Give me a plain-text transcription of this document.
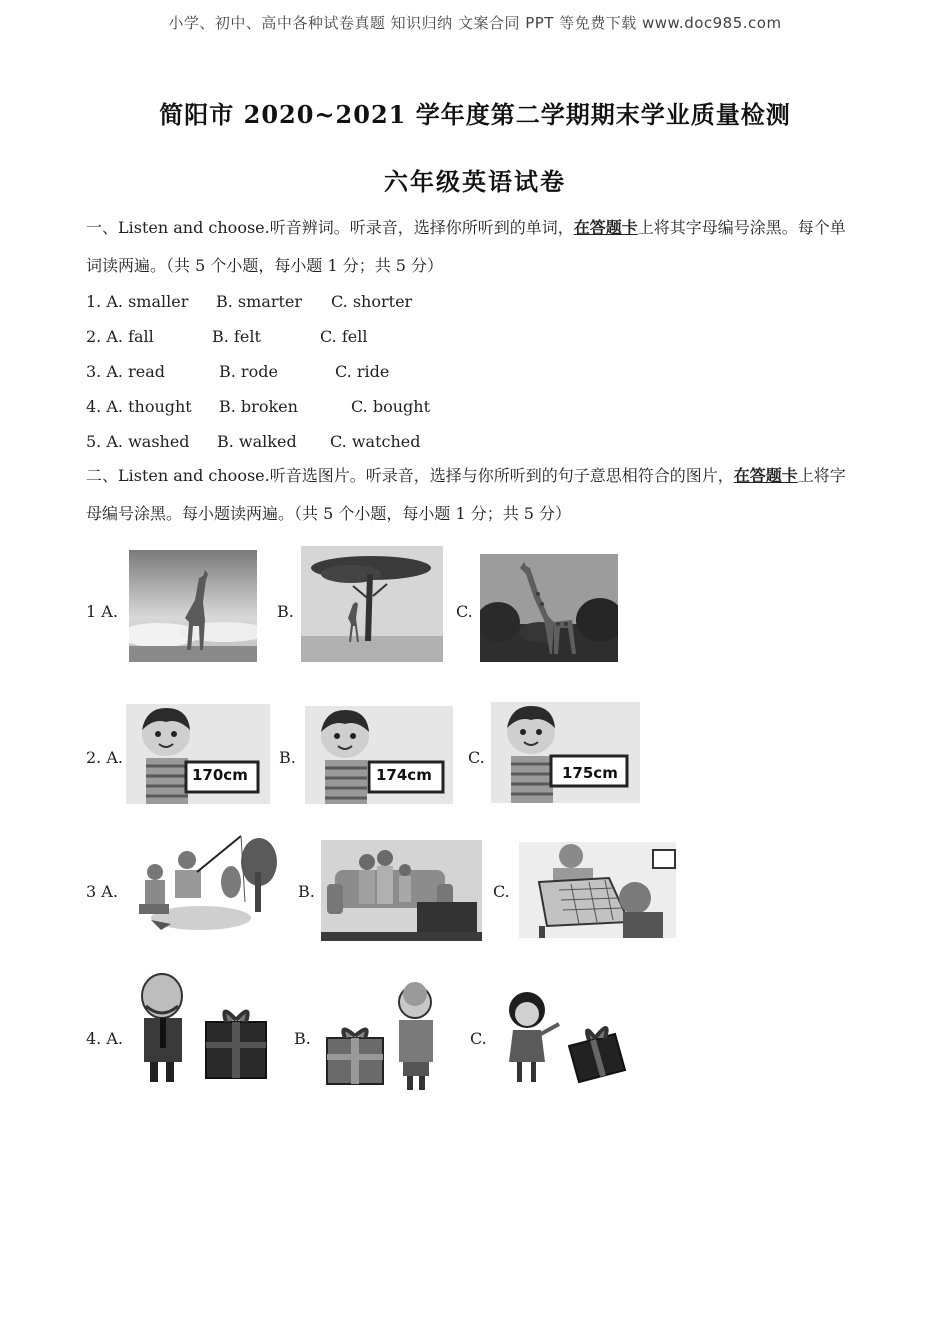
小学、初中、高中各种试卷真题 知识归纳 文案合同 PPT 等免费下载 www.doc985.com
简阳市 2020~2021 学年度第二学期期末学业质量检测
六年级英语试卷
一、Listen and choose.听音辨词。听录音，选择你所听到的单词，在答题卡上将其字母编号涂黑。每个单
词读两遍。（共 5 个小题，每小题 1 分；共 5 分）
1. A. smaller B. smarter C. shorter
2. A. fall	B. felt	C. fell
3. A. read	B. rode	C. ride
4. A. thought B. broken	C. bought
5. A. washed B. walked C. watched
二、Listen and choose.听音选图片。听录音，选择与你所听到的句子意思相符合的图片，在答题卡上将字
母编号涂黑。每小题读两遍。（共 5 个小题，每小题 1 分；共 5 分）
1 A.	B.	C.
2. A.
170cm
B.
174cm
C.
175cm
3 A.	B.	C.
4. A.	B.	C.
